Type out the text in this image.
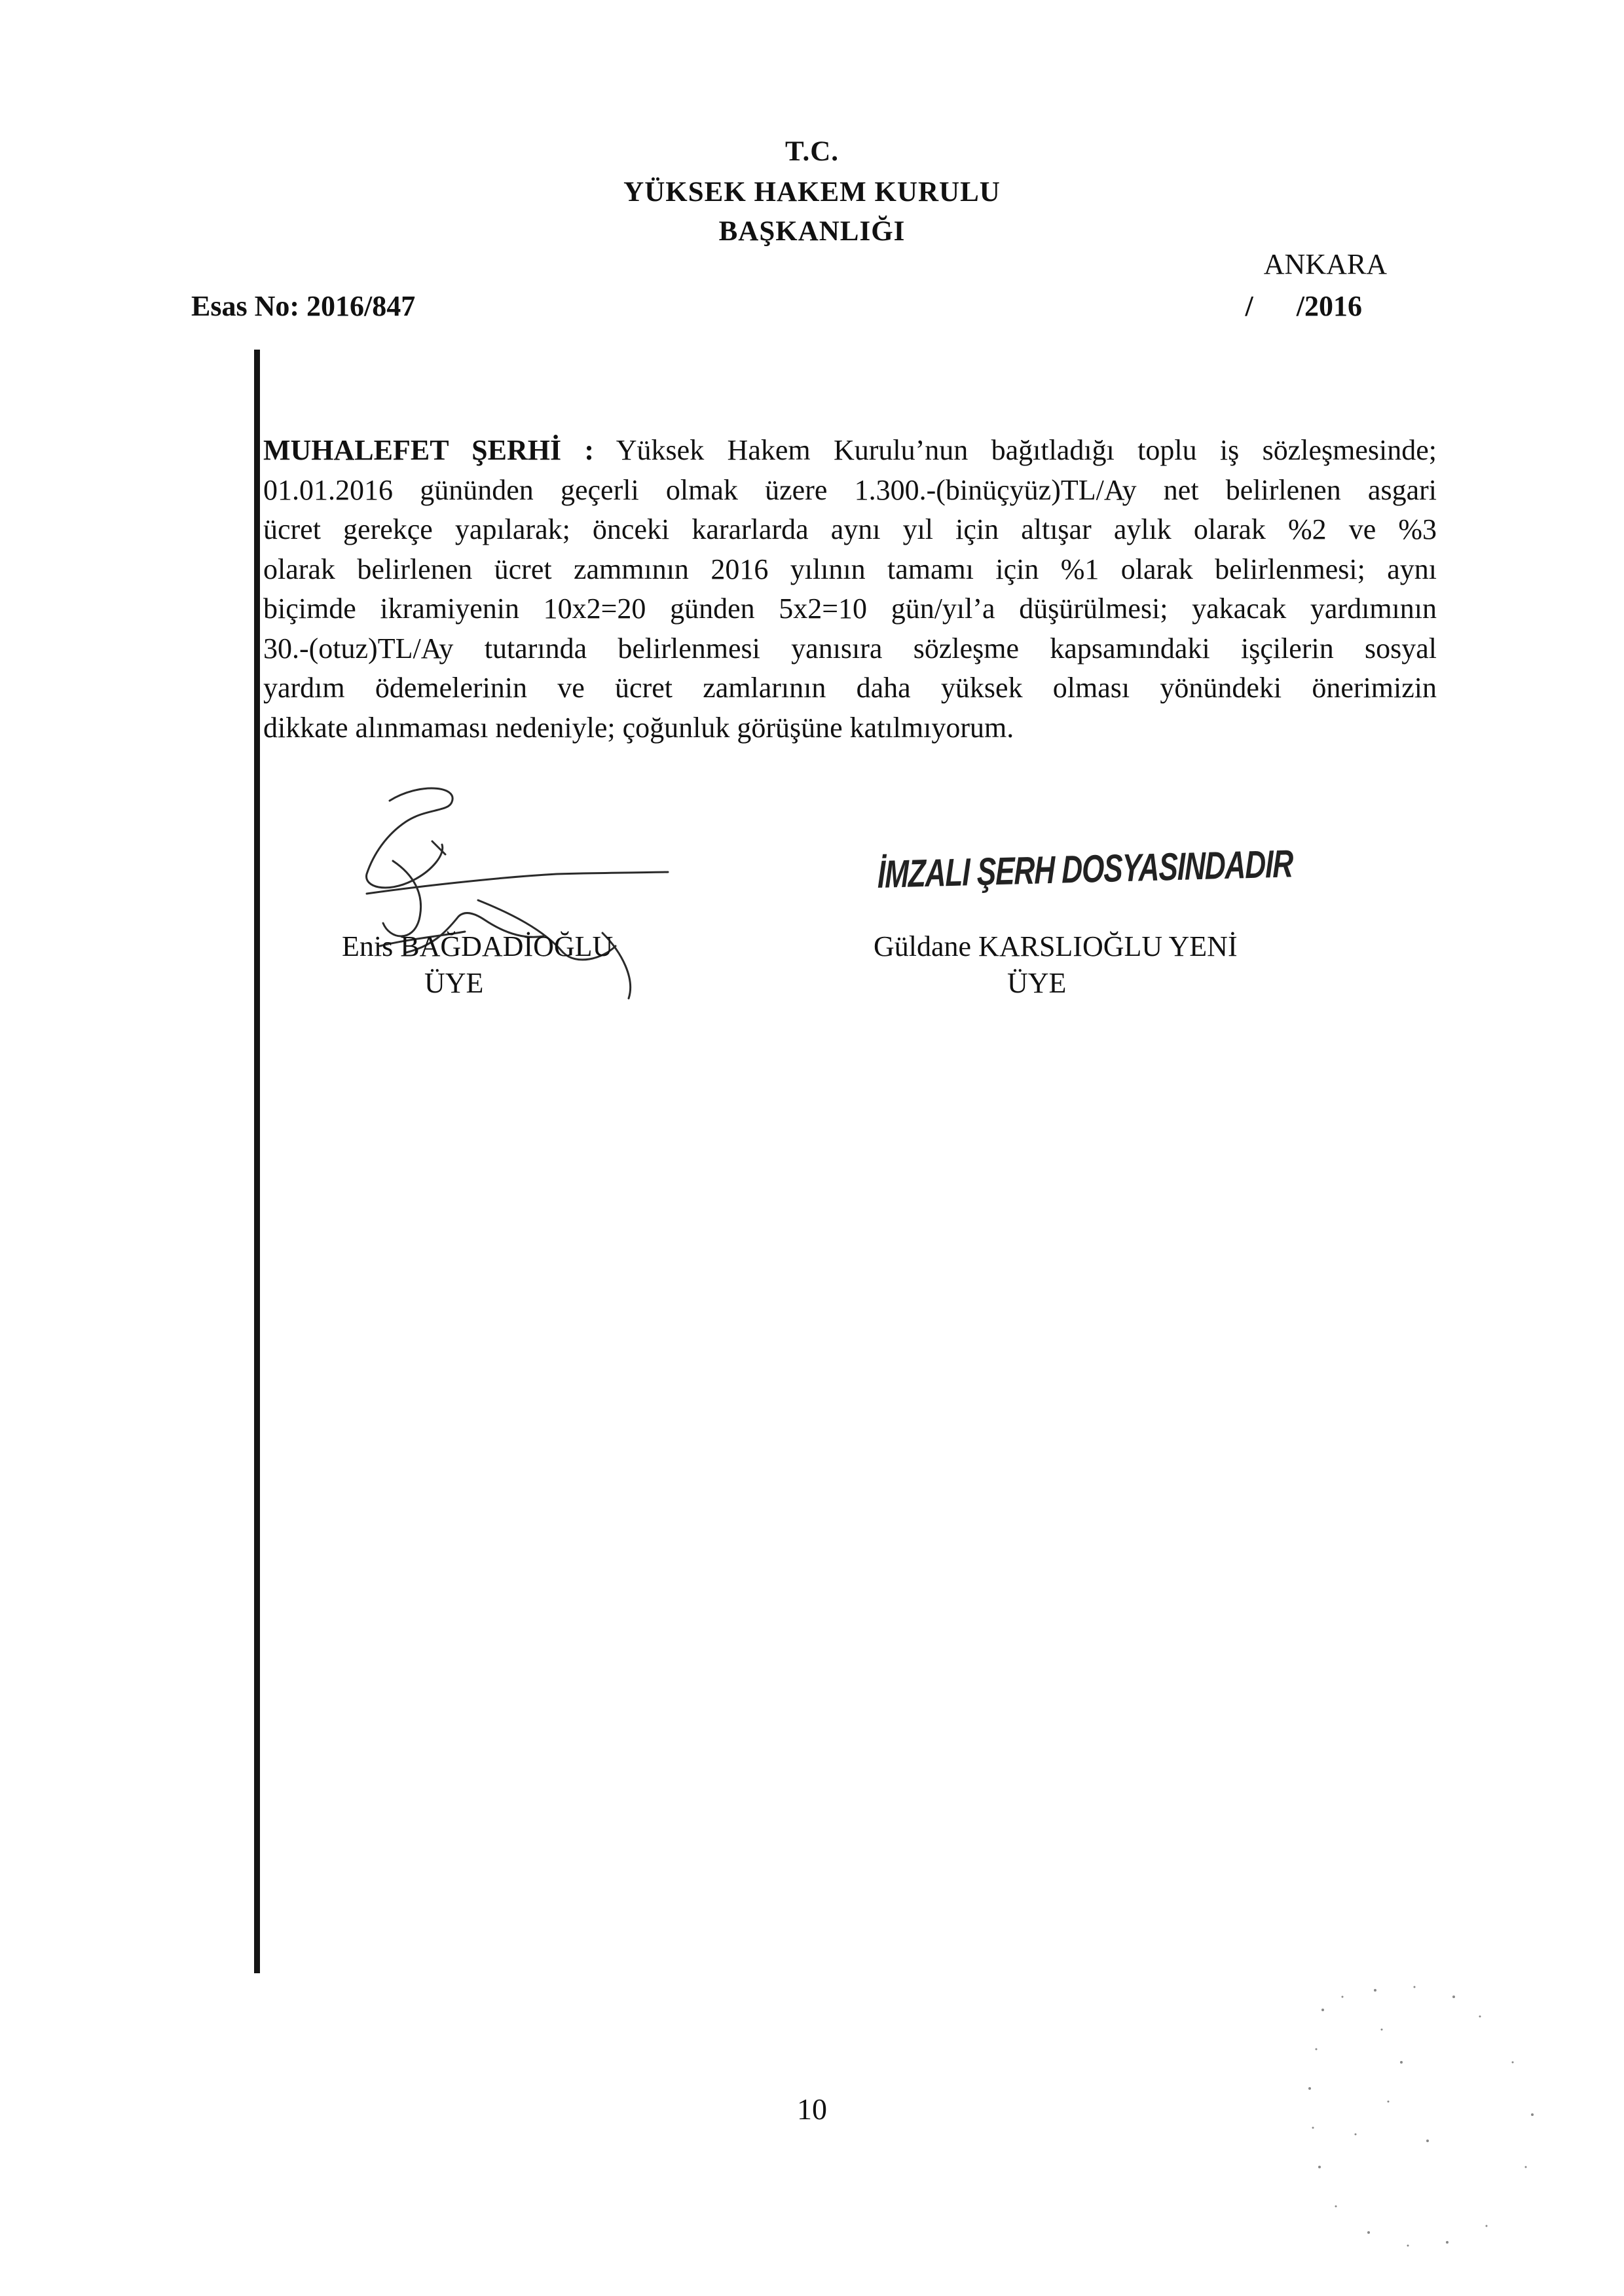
T.C.
YÜKSEK HAKEM KURULU
BAŞKANLIĞI
ANKARA
Esas No: 2016/847	/      /2016
MUHALEFET ŞERHİ : Yüksek Hakem Kurulu’nun bağıtladığı toplu iş sözleşmesinde;
01.01.2016 gününden geçerli olmak üzere 1.300.-(binüçyüz)TL/Ay net belirlenen asgari
ücret gerekçe yapılarak; önceki kararlarda aynı yıl için altışar aylık olarak %2 ve %3
olarak belirlenen ücret zammının 2016 yılının tamamı için %1 olarak belirlenmesi; aynı
biçimde ikramiyenin 10x2=20 günden 5x2=10 gün/yıl’a düşürülmesi; yakacak yardımının
30.-(otuz)TL/Ay tutarında belirlenmesi yanısıra sözleşme kapsamındaki işçilerin sosyal
yardım ödemelerinin ve ücret zamlarının daha yüksek olması yönündeki önerimizin
dikkate alınmaması nedeniyle; çoğunluk görüşüne katılmıyorum.
İMZALI ŞERH DOSYASINDADIR
Enis BAĞDADİOĞLU
ÜYE
Güldane KARSLIOĞLU YENİ
ÜYE
10
